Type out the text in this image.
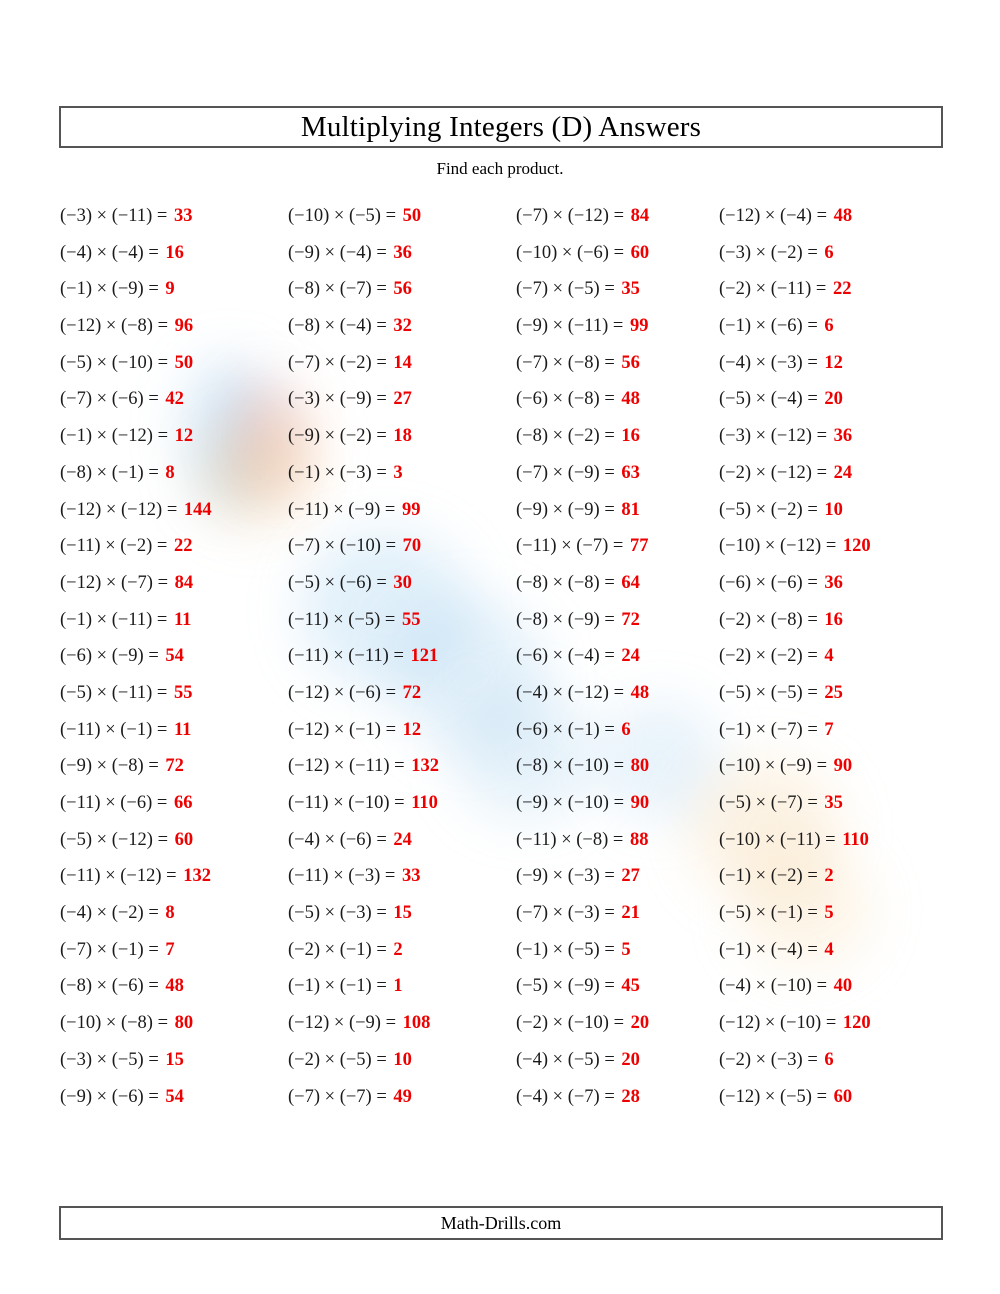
Multiplying Integers (D) Answers
Find each product.
(−3) × (−11) = 33
(−4) × (−4) = 16
(−1) × (−9) = 9
(−12) × (−8) = 96
(−5) × (−10) = 50
(−7) × (−6) = 42
(−1) × (−12) = 12
(−8) × (−1) = 8
(−12) × (−12) = 144
(−11) × (−2) = 22
(−12) × (−7) = 84
(−1) × (−11) = 11
(−6) × (−9) = 54
(−5) × (−11) = 55
(−11) × (−1) = 11
(−9) × (−8) = 72
(−11) × (−6) = 66
(−5) × (−12) = 60
(−11) × (−12) = 132
(−4) × (−2) = 8
(−7) × (−1) = 7
(−8) × (−6) = 48
(−10) × (−8) = 80
(−3) × (−5) = 15
(−9) × (−6) = 54
(−10) × (−5) = 50
(−9) × (−4) = 36
(−8) × (−7) = 56
(−8) × (−4) = 32
(−7) × (−2) = 14
(−3) × (−9) = 27
(−9) × (−2) = 18
(−1) × (−3) = 3
(−11) × (−9) = 99
(−7) × (−10) = 70
(−5) × (−6) = 30
(−11) × (−5) = 55
(−11) × (−11) = 121
(−12) × (−6) = 72
(−12) × (−1) = 12
(−12) × (−11) = 132
(−11) × (−10) = 110
(−4) × (−6) = 24
(−11) × (−3) = 33
(−5) × (−3) = 15
(−2) × (−1) = 2
(−1) × (−1) = 1
(−12) × (−9) = 108
(−2) × (−5) = 10
(−7) × (−7) = 49
(−7) × (−12) = 84
(−10) × (−6) = 60
(−7) × (−5) = 35
(−9) × (−11) = 99
(−7) × (−8) = 56
(−6) × (−8) = 48
(−8) × (−2) = 16
(−7) × (−9) = 63
(−9) × (−9) = 81
(−11) × (−7) = 77
(−8) × (−8) = 64
(−8) × (−9) = 72
(−6) × (−4) = 24
(−4) × (−12) = 48
(−6) × (−1) = 6
(−8) × (−10) = 80
(−9) × (−10) = 90
(−11) × (−8) = 88
(−9) × (−3) = 27
(−7) × (−3) = 21
(−1) × (−5) = 5
(−5) × (−9) = 45
(−2) × (−10) = 20
(−4) × (−5) = 20
(−4) × (−7) = 28
(−12) × (−4) = 48
(−3) × (−2) = 6
(−2) × (−11) = 22
(−1) × (−6) = 6
(−4) × (−3) = 12
(−5) × (−4) = 20
(−3) × (−12) = 36
(−2) × (−12) = 24
(−5) × (−2) = 10
(−10) × (−12) = 120
(−6) × (−6) = 36
(−2) × (−8) = 16
(−2) × (−2) = 4
(−5) × (−5) = 25
(−1) × (−7) = 7
(−10) × (−9) = 90
(−5) × (−7) = 35
(−10) × (−11) = 110
(−1) × (−2) = 2
(−5) × (−1) = 5
(−1) × (−4) = 4
(−4) × (−10) = 40
(−12) × (−10) = 120
(−2) × (−3) = 6
(−12) × (−5) = 60
Math-Drills.com
